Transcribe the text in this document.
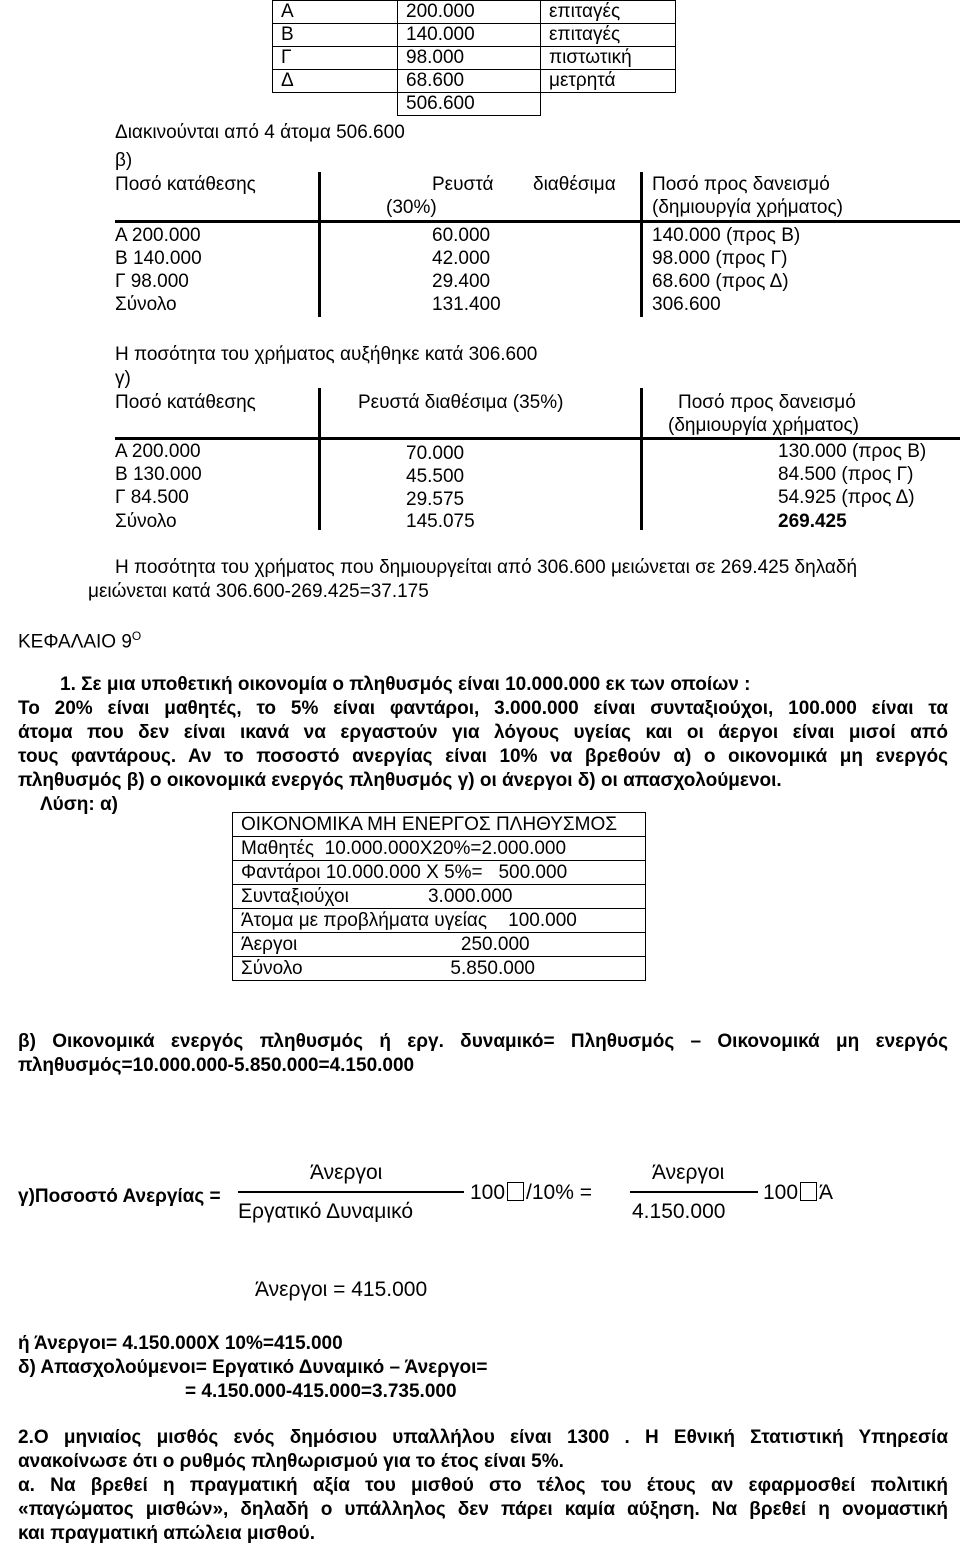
Α	200.000	επιταγές
Β	140.000	επιταγές
Γ	98.000	πιστωτική
Δ	68.600	μετρητά
	506.600	
Διακινούνται από 4 άτομα 506.600
β)
Ποσό κατάθεσης	Ρευστά διαθέσιμα
(30%)
Ποσό προς δανεισμό
(δημιουργία χρήματος)
Α 200.000	60.000	140.000 (προς Β)
Β 140.000	42.000	98.000 (προς Γ)
Γ 98.000	29.400	68.600 (προς Δ)
Σύνολο	131.400	306.600
Η ποσότητα του χρήματος αυξήθηκε κατά 306.600
γ)
Ποσό κατάθεσης	Ρευστά διαθέσιμα (35%)	Ποσό προς δανεισμό
(δημιουργία χρήματος)
Α 200.000	70.000	130.000 (προς Β)
Β 130.000	45.500	84.500 (προς Γ)
Γ 84.500	29.575	54.925 (προς Δ)
Σύνολο	145.075	269.425
Η ποσότητα του χρήματος που δημιουργείται από 306.600 μειώνεται σε 269.425 δηλαδή
μειώνεται κατά 306.600-269.425=37.175
ΚΕΦΑΛΑΙΟ $9^O$
1. Σε μια υποθετική οικονομία ο πληθυσμός είναι 10.000.000 εκ των οποίων :
Το 20% είναι μαθητές, το 5% είναι φαντάροι, 3.000.000 είναι συνταξιούχοι, 100.000 είναι τα
άτομα που δεν είναι ικανά να εργαστούν για λόγους υγείας και οι άεργοι είναι μισοί από
τους φαντάρους. Αν το ποσοστό ανεργίας είναι 10% να βρεθούν α) ο οικονομικά μη ενεργός
πληθυσμός β) ο οικονομικά ενεργός πληθυσμός γ) οι άνεργοι δ) οι απασχολούμενοι.
Λύση: α)
ΟΙΚΟΝΟΜΙΚΑ ΜΗ ΕΝΕΡΓΟΣ ΠΛΗΘΥΣΜΟΣ
Μαθητές  10.000.000Χ20%=2.000.000
Φαντάροι 10.000.000 Χ 5%=   500.000
Συνταξιούχοι               3.000.000
Άτομα με προβλήματα υγείας    100.000
Άεργοι                               250.000
Σύνολο                            5.850.000
β) Οικονομικά ενεργός πληθυσμός ή εργ. δυναμικό= Πληθυσμός – Οικονομικά μη ενεργός
πληθυσμός=10.000.000-5.850.000=4.150.000
γ)Ποσοστό Ανεργίας =
Άνεργοι
Εργατικό Δυναμικό
100 /10% =
Άνεργοι
4.150.000
100 Ά
Άνεργοι = 415.000
ή Άνεργοι= 4.150.000Χ 10%=415.000
δ) Απασχολούμενοι= Εργατικό Δυναμικό – Άνεργοι=
= 4.150.000-415.000=3.735.000
2.Ο μηνιαίος μισθός ενός δημόσιου υπαλλήλου είναι 1300 . Η Εθνική Στατιστική Υπηρεσία
ανακοίνωσε ότι ο ρυθμός πληθωρισμού για το έτος είναι 5%.
α. Να βρεθεί η πραγματική αξία του μισθού στο τέλος του έτους αν εφαρμοσθεί πολιτική
«παγώματος μισθών», δηλαδή ο υπάλληλος δεν πάρει καμία αύξηση. Να βρεθεί η ονομαστική
και πραγματική απώλεια μισθού.
